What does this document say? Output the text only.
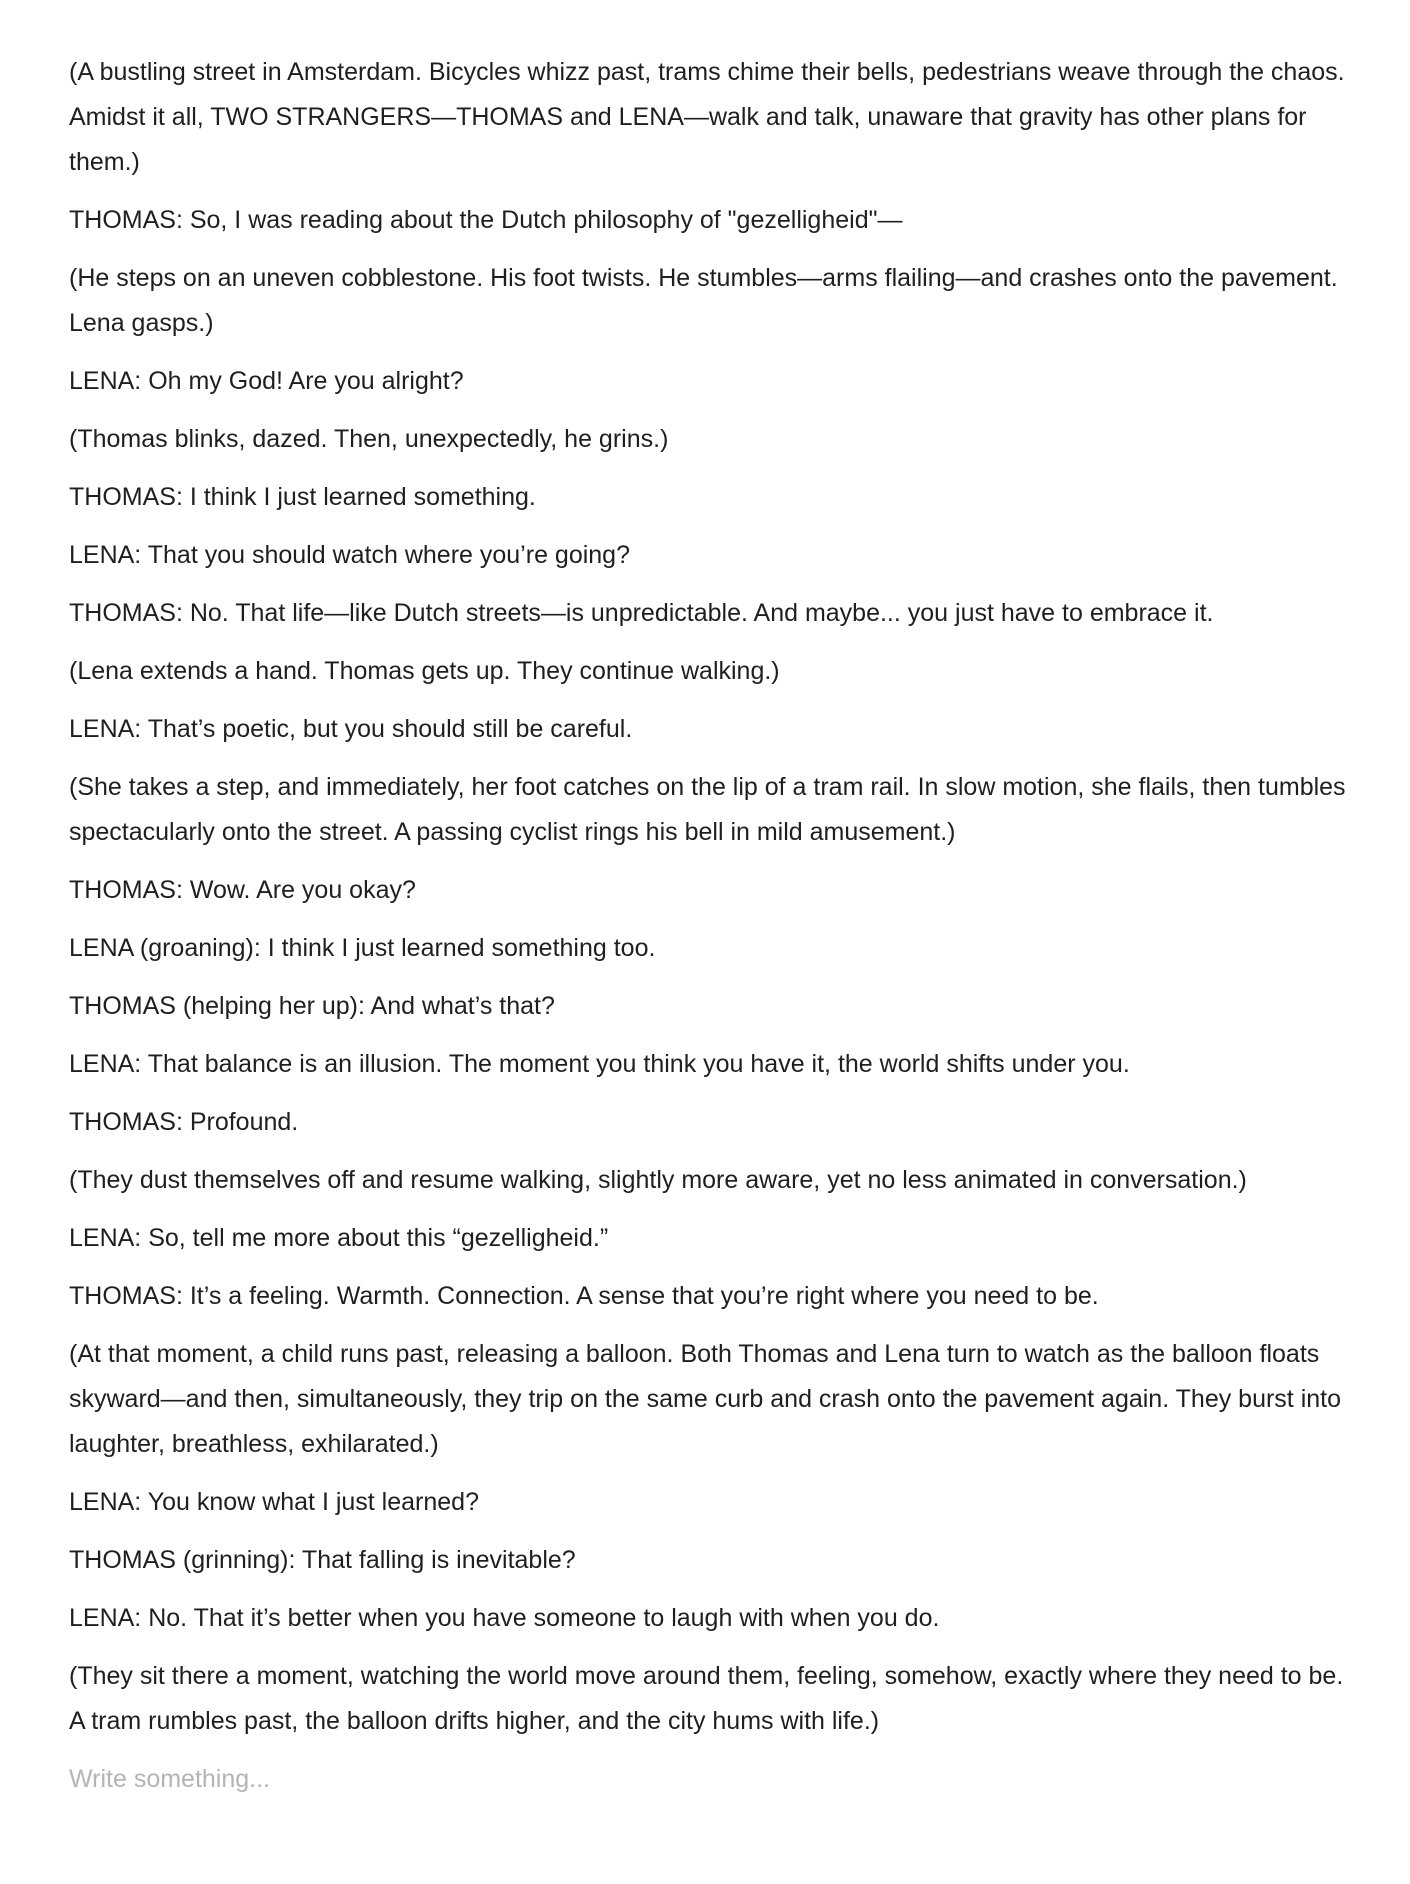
(A bustling street in Amsterdam. Bicycles whizz past, trams chime their bells, pedestrians weave through the chaos. Amidst it all, TWO STRANGERS—THOMAS and LENA—walk and talk, unaware that gravity has other plans for them.)

THOMAS: So, I was reading about the Dutch philosophy of "gezelligheid"—

(He steps on an uneven cobblestone. His foot twists. He stumbles—arms flailing—and crashes onto the pavement. Lena gasps.)

LENA: Oh my God! Are you alright?

(Thomas blinks, dazed. Then, unexpectedly, he grins.)

THOMAS: I think I just learned something.

LENA: That you should watch where you’re going?

THOMAS: No. That life—like Dutch streets—is unpredictable. And maybe... you just have to embrace it.

(Lena extends a hand. Thomas gets up. They continue walking.)

LENA: That’s poetic, but you should still be careful.

(She takes a step, and immediately, her foot catches on the lip of a tram rail. In slow motion, she flails, then tumbles spectacularly onto the street. A passing cyclist rings his bell in mild amusement.)

THOMAS: Wow. Are you okay?

LENA (groaning): I think I just learned something too.

THOMAS (helping her up): And what’s that?

LENA: That balance is an illusion. The moment you think you have it, the world shifts under you.

THOMAS: Profound.

(They dust themselves off and resume walking, slightly more aware, yet no less animated in conversation.)

LENA: So, tell me more about this “gezelligheid.”

THOMAS: It’s a feeling. Warmth. Connection. A sense that you’re right where you need to be.

(At that moment, a child runs past, releasing a balloon. Both Thomas and Lena turn to watch as the balloon floats skyward—and then, simultaneously, they trip on the same curb and crash onto the pavement again. They burst into laughter, breathless, exhilarated.)

LENA: You know what I just learned?

THOMAS (grinning): That falling is inevitable?

LENA: No. That it’s better when you have someone to laugh with when you do.

(They sit there a moment, watching the world move around them, feeling, somehow, exactly where they need to be. A tram rumbles past, the balloon drifts higher, and the city hums with life.)

Write something...
